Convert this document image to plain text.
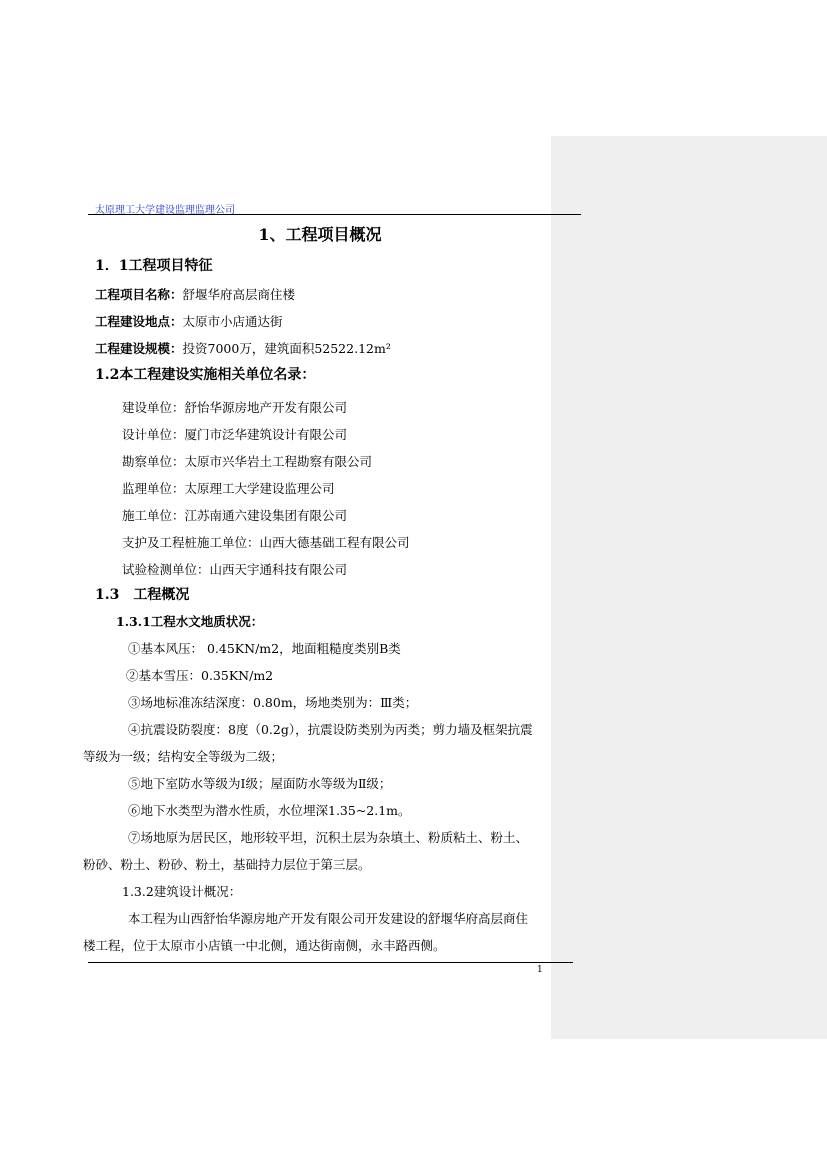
太原理工大学建设监理监理公司
1、工程项目概况
1．1工程项目特征
工程项目名称：舒堰华府高层商住楼
工程建设地点：太原市小店通达街
工程建设规模：投资7000万，建筑面积52522.12m²
1.2本工程建设实施相关单位名录：
建设单位：舒怡华源房地产开发有限公司
设计单位：厦门市泛华建筑设计有限公司
勘察单位：太原市兴华岩土工程勘察有限公司
监理单位：太原理工大学建设监理公司
施工单位：江苏南通六建设集团有限公司
支护及工程桩施工单位：山西大德基础工程有限公司
试验检测单位：山西天宇通科技有限公司
1.3　工程概况
1.3.1工程水文地质状况：
①基本风压： 0.45KN/m2，地面粗糙度类别B类
②基本雪压：0.35KN/m2
③场地标准冻结深度：0.80m，场地类别为：Ⅲ类；
④抗震设防裂度：8度（0.2g），抗震设防类别为丙类；剪力墙及框架抗震
等级为一级；结构安全等级为二级；
⑤地下室防水等级为Ⅰ级；屋面防水等级为Ⅱ级；
⑥地下水类型为潜水性质，水位埋深1.35~2.1m。
⑦场地原为居民区，地形较平坦，沉积土层为杂填土、粉质粘土、粉土、
粉砂、粉土、粉砂、粉土，基础持力层位于第三层。
1.3.2建筑设计概况：
本工程为山西舒怡华源房地产开发有限公司开发建设的舒堰华府高层商住
楼工程，位于太原市小店镇一中北侧，通达街南侧，永丰路西侧。
1
